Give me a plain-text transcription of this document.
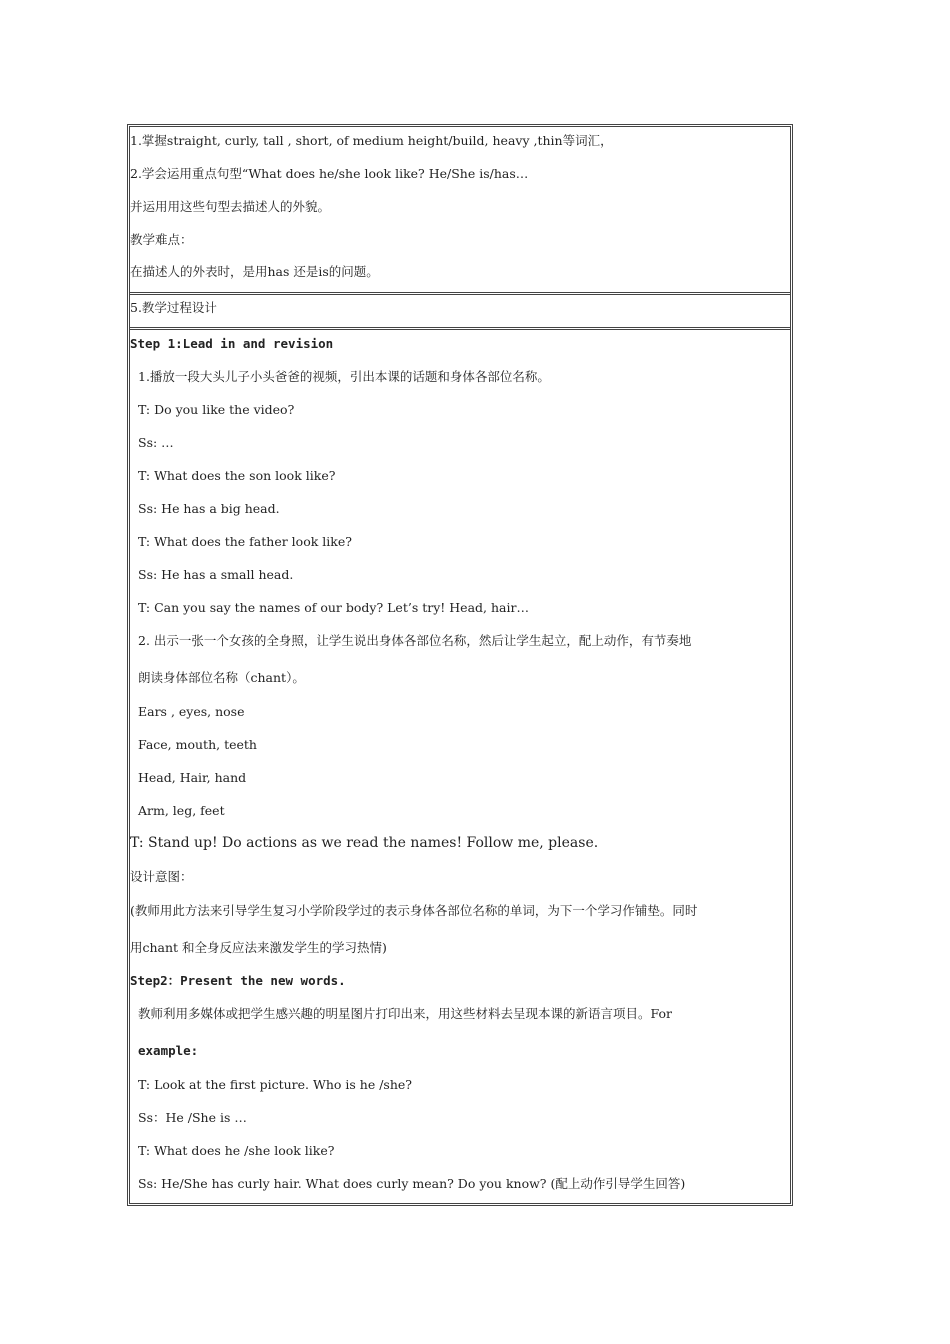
1.掌握straight, curly, tall , short, of medium height/build, heavy ,thin等词汇，
2.学会运用重点句型“What does he/she look like? He/She is/has…
并运用用这些句型去描述人的外貌。
教学难点：
在描述人的外表时，是用has 还是is的问题。
5.教学过程设计
Step 1:Lead in and revision
1.播放一段大头儿子小头爸爸的视频，引出本课的话题和身体各部位名称。
T: Do you like the video?
Ss: …
T: What does the son look like?
Ss: He has a big head.
T: What does the father look like?
Ss: He has a small head.
T: Can you say the names of our body? Let’s try! Head, hair…
2. 出示一张一个女孩的全身照，让学生说出身体各部位名称，然后让学生起立，配上动作，有节奏地
朗读身体部位名称（chant）。
Ears , eyes, nose
Face, mouth, teeth
Head, Hair, hand
Arm, leg, feet
T: Stand up! Do actions as we read the names! Follow me, please.
设计意图：
(教师用此方法来引导学生复习小学阶段学过的表示身体各部位名称的单词，为下一个学习作铺垫。同时
用chant 和全身反应法来激发学生的学习热情)
Step2：Present the new words.
教师利用多媒体或把学生感兴趣的明星图片打印出来，用这些材料去呈现本课的新语言项目。For
example:
T: Look at the first picture. Who is he /she?
Ss：He /She is …
T: What does he /she look like?
Ss: He/She has curly hair. What does curly mean? Do you know? (配上动作引导学生回答)
